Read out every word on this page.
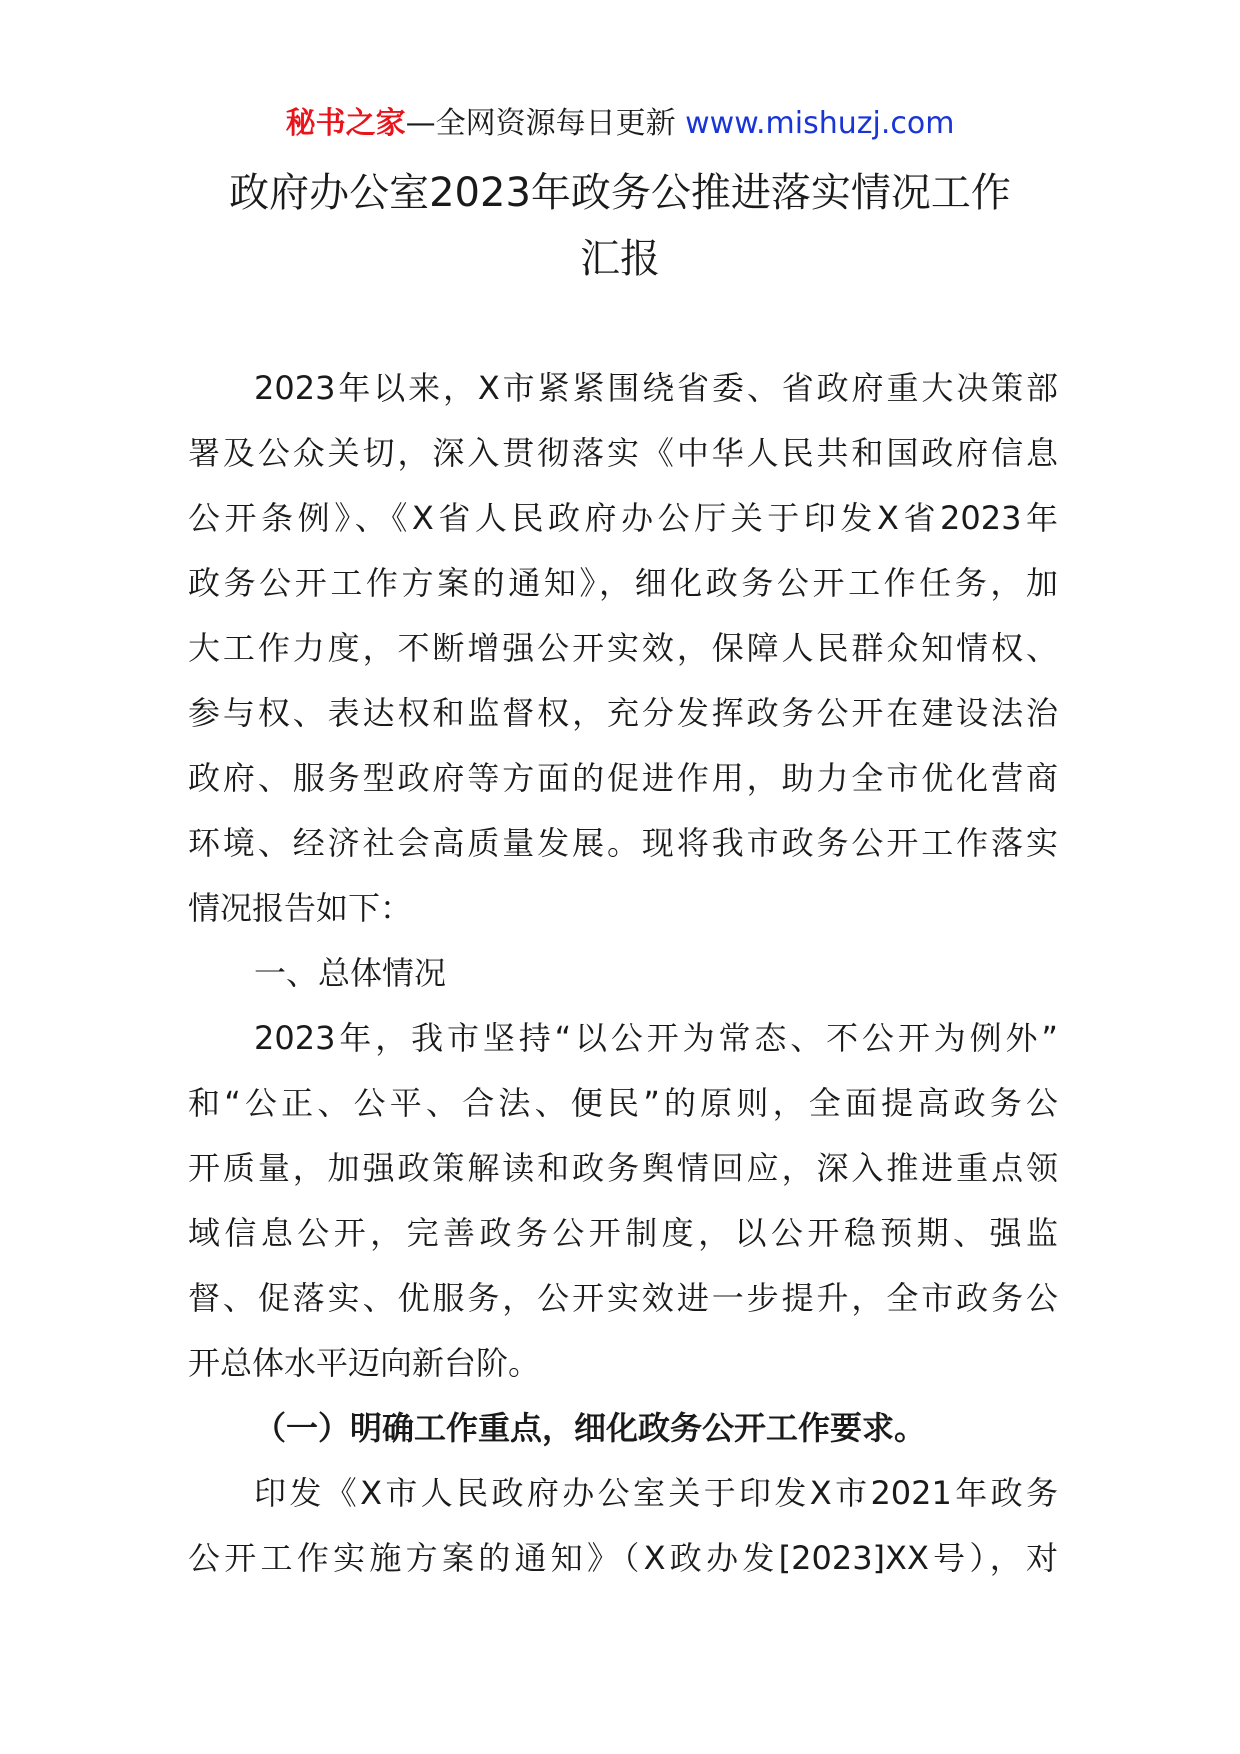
秘书之家—全网资源每日更新 www.mishuzj.com
政府办公室2023年政务公推进落实情况工作
汇报
2023年以来，X市紧紧围绕省委、省政府重大决策部
署及公众关切，深入贯彻落实《中华人民共和国政府信息
公开条例》、《X省人民政府办公厅关于印发X省2023年
政务公开工作方案的通知》，细化政务公开工作任务，加
大工作力度，不断增强公开实效，保障人民群众知情权、
参与权、表达权和监督权，充分发挥政务公开在建设法治
政府、服务型政府等方面的促进作用，助力全市优化营商
环境、经济社会高质量发展。现将我市政务公开工作落实
情况报告如下：
一、总体情况
2023年，我市坚持“以公开为常态、不公开为例外”
和“公正、公平、合法、便民”的原则，全面提高政务公
开质量，加强政策解读和政务舆情回应，深入推进重点领
域信息公开，完善政务公开制度，以公开稳预期、强监
督、促落实、优服务，公开实效进一步提升，全市政务公
开总体水平迈向新台阶。
（一）明确工作重点，细化政务公开工作要求。
印发《X市人民政府办公室关于印发X市2021年政务
公开工作实施方案的通知》（X政办发[2023]XX号），对
